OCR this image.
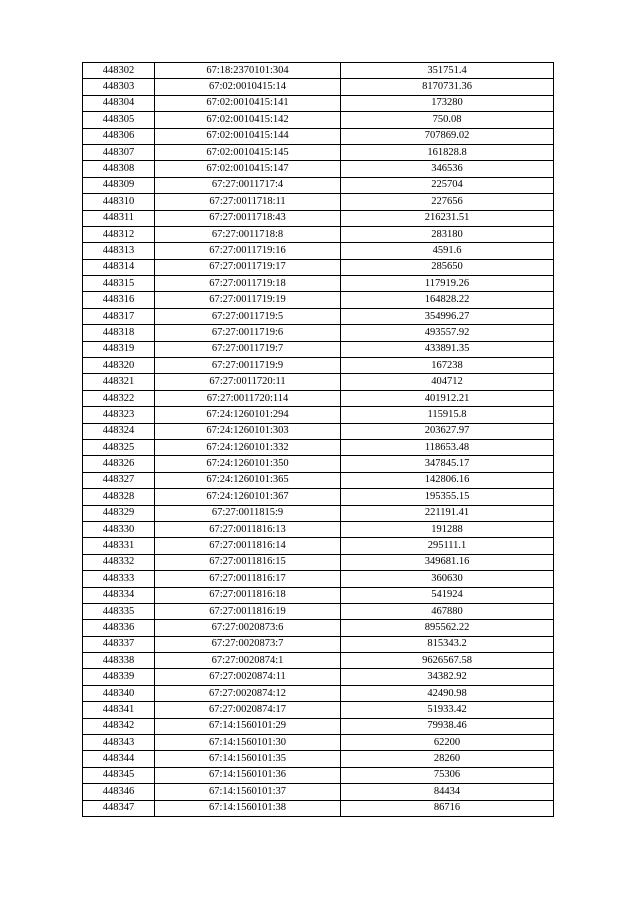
448302	67:18:2370101:304	351751.4
448303	67:02:0010415:14	8170731.36
448304	67:02:0010415:141	173280
448305	67:02:0010415:142	750.08
448306	67:02:0010415:144	707869.02
448307	67:02:0010415:145	161828.8
448308	67:02:0010415:147	346536
448309	67:27:0011717:4	225704
448310	67:27:0011718:11	227656
448311	67:27:0011718:43	216231.51
448312	67:27:0011718:8	283180
448313	67:27:0011719:16	4591.6
448314	67:27:0011719:17	285650
448315	67:27:0011719:18	117919.26
448316	67:27:0011719:19	164828.22
448317	67:27:0011719:5	354996.27
448318	67:27:0011719:6	493557.92
448319	67:27:0011719:7	433891.35
448320	67:27:0011719:9	167238
448321	67:27:0011720:11	404712
448322	67:27:0011720:114	401912.21
448323	67:24:1260101:294	115915.8
448324	67:24:1260101:303	203627.97
448325	67:24:1260101:332	118653.48
448326	67:24:1260101:350	347845.17
448327	67:24:1260101:365	142806.16
448328	67:24:1260101:367	195355.15
448329	67:27:0011815:9	221191.41
448330	67:27:0011816:13	191288
448331	67:27:0011816:14	295111.1
448332	67:27:0011816:15	349681.16
448333	67:27:0011816:17	360630
448334	67:27:0011816:18	541924
448335	67:27:0011816:19	467880
448336	67:27:0020873:6	895562.22
448337	67:27:0020873:7	815343.2
448338	67:27:0020874:1	9626567.58
448339	67:27:0020874:11	34382.92
448340	67:27:0020874:12	42490.98
448341	67:27:0020874:17	51933.42
448342	67:14:1560101:29	79938.46
448343	67:14:1560101:30	62200
448344	67:14:1560101:35	28260
448345	67:14:1560101:36	75306
448346	67:14:1560101:37	84434
448347	67:14:1560101:38	86716
